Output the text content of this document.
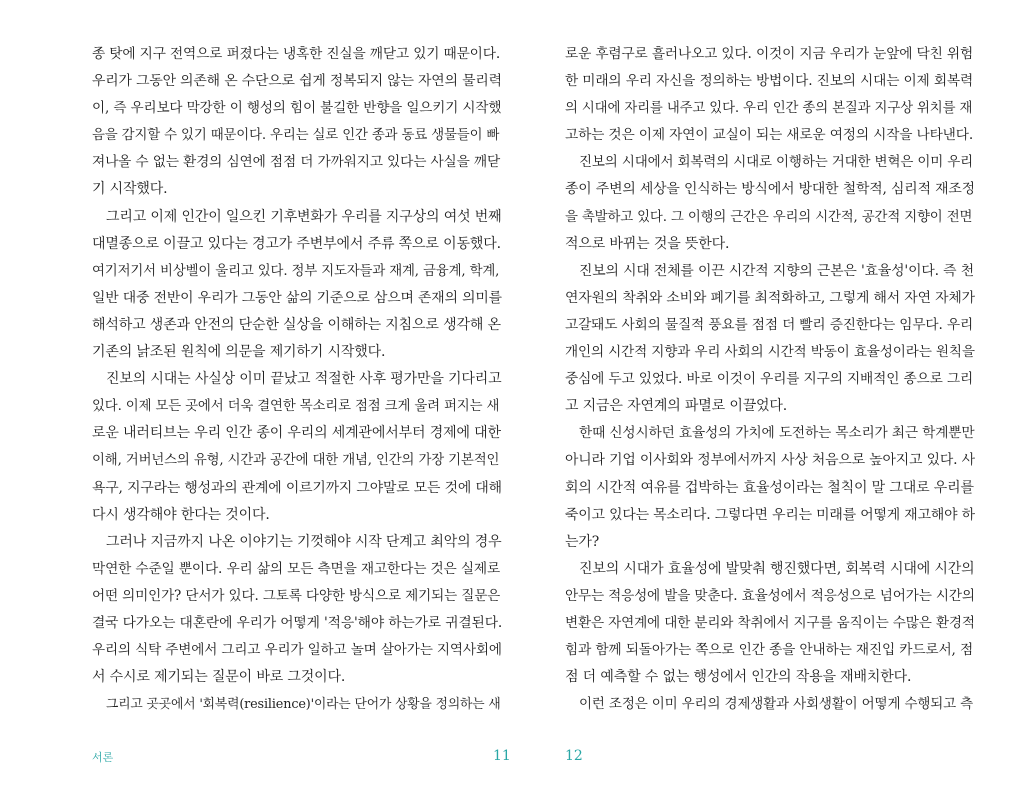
종 탓에 지구 전역으로 퍼졌다는 냉혹한 진실을 깨닫고 있기 때문이다.
우리가 그동안 의존해 온 수단으로 쉽게 정복되지 않는 자연의 물리력
이, 즉 우리보다 막강한 이 행성의 힘이 불길한 반향을 일으키기 시작했
음을 감지할 수 있기 때문이다. 우리는 실로 인간 종과 동료 생물들이 빠
져나올 수 없는 환경의 심연에 점점 더 가까워지고 있다는 사실을 깨닫
기 시작했다.
그리고 이제 인간이 일으킨 기후변화가 우리를 지구상의 여섯 번째
대멸종으로 이끌고 있다는 경고가 주변부에서 주류 쪽으로 이동했다.
여기저기서 비상벨이 울리고 있다. 정부 지도자들과 재계, 금융계, 학계,
일반 대중 전반이 우리가 그동안 삶의 기준으로 삼으며 존재의 의미를
해석하고 생존과 안전의 단순한 실상을 이해하는 지침으로 생각해 온
기존의 낡조된 원칙에 의문을 제기하기 시작했다.
진보의 시대는 사실상 이미 끝났고 적절한 사후 평가만을 기다리고
있다. 이제 모든 곳에서 더욱 결연한 목소리로 점점 크게 울려 퍼지는 새
로운 내러티브는 우리 인간 종이 우리의 세계관에서부터 경제에 대한
이해, 거버넌스의 유형, 시간과 공간에 대한 개념, 인간의 가장 기본적인
욕구, 지구라는 행성과의 관계에 이르기까지 그야말로 모든 것에 대해
다시 생각해야 한다는 것이다.
그러나 지금까지 나온 이야기는 기껏해야 시작 단계고 최악의 경우
막연한 수준일 뿐이다. 우리 삶의 모든 측면을 재고한다는 것은 실제로
어떤 의미인가? 단서가 있다. 그토록 다양한 방식으로 제기되는 질문은
결국 다가오는 대혼란에 우리가 어떻게 '적응'해야 하는가로 귀결된다.
우리의 식탁 주변에서 그리고 우리가 일하고 놀며 살아가는 지역사회에
서 수시로 제기되는 질문이 바로 그것이다.
그리고 곳곳에서 '회복력(resilience)'이라는 단어가 상황을 정의하는 새
서론	11
로운 후렴구로 흘러나오고 있다. 이것이 지금 우리가 눈앞에 닥친 위험
한 미래의 우리 자신을 정의하는 방법이다. 진보의 시대는 이제 회복력
의 시대에 자리를 내주고 있다. 우리 인간 종의 본질과 지구상 위치를 재
고하는 것은 이제 자연이 교실이 되는 새로운 여정의 시작을 나타낸다.
진보의 시대에서 회복력의 시대로 이행하는 거대한 변혁은 이미 우리
종이 주변의 세상을 인식하는 방식에서 방대한 철학적, 심리적 재조정
을 촉발하고 있다. 그 이행의 근간은 우리의 시간적, 공간적 지향이 전면
적으로 바뀌는 것을 뜻한다.
진보의 시대 전체를 이끈 시간적 지향의 근본은 '효율성'이다. 즉 천
연자원의 착취와 소비와 폐기를 최적화하고, 그렇게 해서 자연 자체가
고갈돼도 사회의 물질적 풍요를 점점 더 빨리 증진한다는 임무다. 우리
개인의 시간적 지향과 우리 사회의 시간적 박동이 효율성이라는 원칙을
중심에 두고 있었다. 바로 이것이 우리를 지구의 지배적인 종으로 그리
고 지금은 자연계의 파멸로 이끌었다.
한때 신성시하던 효율성의 가치에 도전하는 목소리가 최근 학계뿐만
아니라 기업 이사회와 정부에서까지 사상 처음으로 높아지고 있다. 사
회의 시간적 여유를 겁박하는 효율성이라는 철칙이 말 그대로 우리를
죽이고 있다는 목소리다. 그렇다면 우리는 미래를 어떻게 재고해야 하
는가?
진보의 시대가 효율성에 발맞춰 행진했다면, 회복력 시대에 시간의
안무는 적응성에 발을 맞춘다. 효율성에서 적응성으로 넘어가는 시간의
변환은 자연계에 대한 분리와 착취에서 지구를 움직이는 수많은 환경적
힘과 함께 되돌아가는 쪽으로 인간 종을 안내하는 재진입 카드로서, 점
점 더 예측할 수 없는 행성에서 인간의 작용을 재배치한다.
이런 조정은 이미 우리의 경제생활과 사회생활이 어떻게 수행되고 측
12
